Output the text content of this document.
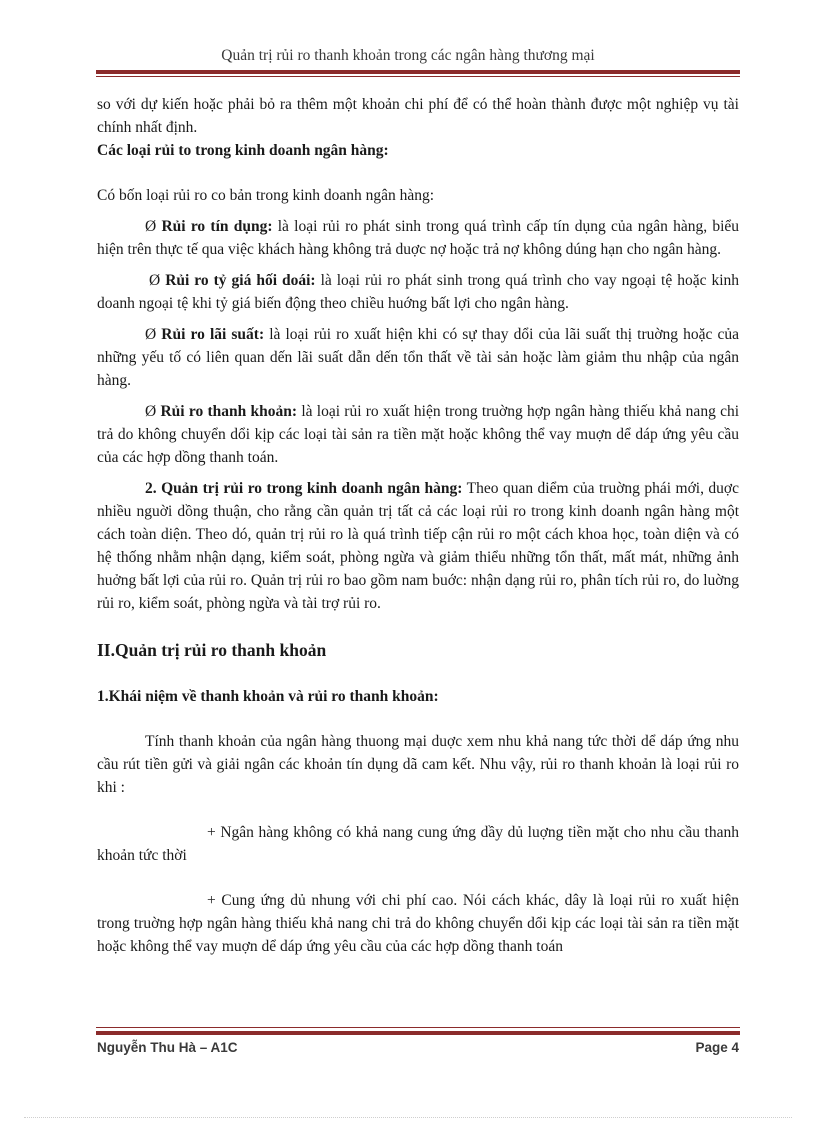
Quản trị rủi ro thanh khoản trong các ngân hàng thương mại

so với dự kiến hoặc phải bỏ ra thêm một khoản chi phí để có thể hoàn thành được một nghiệp vụ tài chính nhất định.

Các loại rủi to trong kinh doanh ngân hàng:

Có bốn loại rủi ro co bản trong kinh doanh ngân hàng:

Ø Rủi ro tín dụng: là loại rủi ro phát sinh trong quá trình cấp tín dụng của ngân hàng, biểu hiện trên thực tế qua việc khách hàng không trả duợc nợ hoặc trả nợ không dúng hạn cho ngân hàng.

Ø Rủi ro tỷ giá hối doái: là loại rủi ro phát sinh trong quá trình cho vay ngoại tệ hoặc kinh doanh ngoại tệ khi tỷ giá biến động theo chiều huớng bất lợi cho ngân hàng.

Ø Rủi ro lãi suất: là loại rủi ro xuất hiện khi có sự thay dổi của lãi suất thị truờng hoặc của những yếu tố có liên quan dến lãi suất dẫn dến tổn thất về tài sản hoặc làm giảm thu nhập của ngân hàng.

Ø Rủi ro thanh khoản: là loại rủi ro xuất hiện trong truờng hợp ngân hàng thiếu khả nang chi trả do không chuyển dổi kịp các loại tài sản ra tiền mặt hoặc không thể vay muợn dể dáp ứng yêu cầu của các hợp dồng thanh toán.

2. Quản trị rủi ro trong kinh doanh ngân hàng: Theo quan diểm của truờng phái mới, duợc nhiều nguời dồng thuận, cho rằng cần quản trị tất cả các loại rủi ro trong kinh doanh ngân hàng một cách toàn diện. Theo dó, quản trị rủi ro là quá trình tiếp cận rủi ro một cách khoa học, toàn diện và có hệ thống nhằm nhận dạng, kiểm soát, phòng ngừa và giảm thiểu những tổn thất, mất mát, những ảnh huởng bất lợi của rủi ro. Quản trị rủi ro bao gồm nam buớc: nhận dạng rủi ro, phân tích rủi ro, do luờng rủi ro, kiểm soát, phòng ngừa và tài trợ rủi ro.

II.Quản trị rủi ro thanh khoản

1.Khái niệm về thanh khoản và rủi ro thanh khoản:

Tính thanh khoản của ngân hàng thuong mại duợc xem nhu khả nang tức thời dể dáp ứng nhu cầu rút tiền gửi và giải ngân các khoản tín dụng dã cam kết. Nhu vậy, rủi ro thanh khoản là loại rủi ro khi :

+ Ngân hàng không có khả nang cung ứng dầy dủ luợng tiền mặt cho nhu cầu thanh khoản tức thời

+ Cung ứng dủ nhung với chi phí cao. Nói cách khác, dây là loại rủi ro xuất hiện trong truờng hợp ngân hàng thiếu khả nang chi trả do không chuyển dổi kịp các loại tài sản ra tiền mặt hoặc không thể vay muợn dể dáp ứng yêu cầu của các hợp dồng thanh toán

Nguyễn Thu Hà – A1C	Page 4
